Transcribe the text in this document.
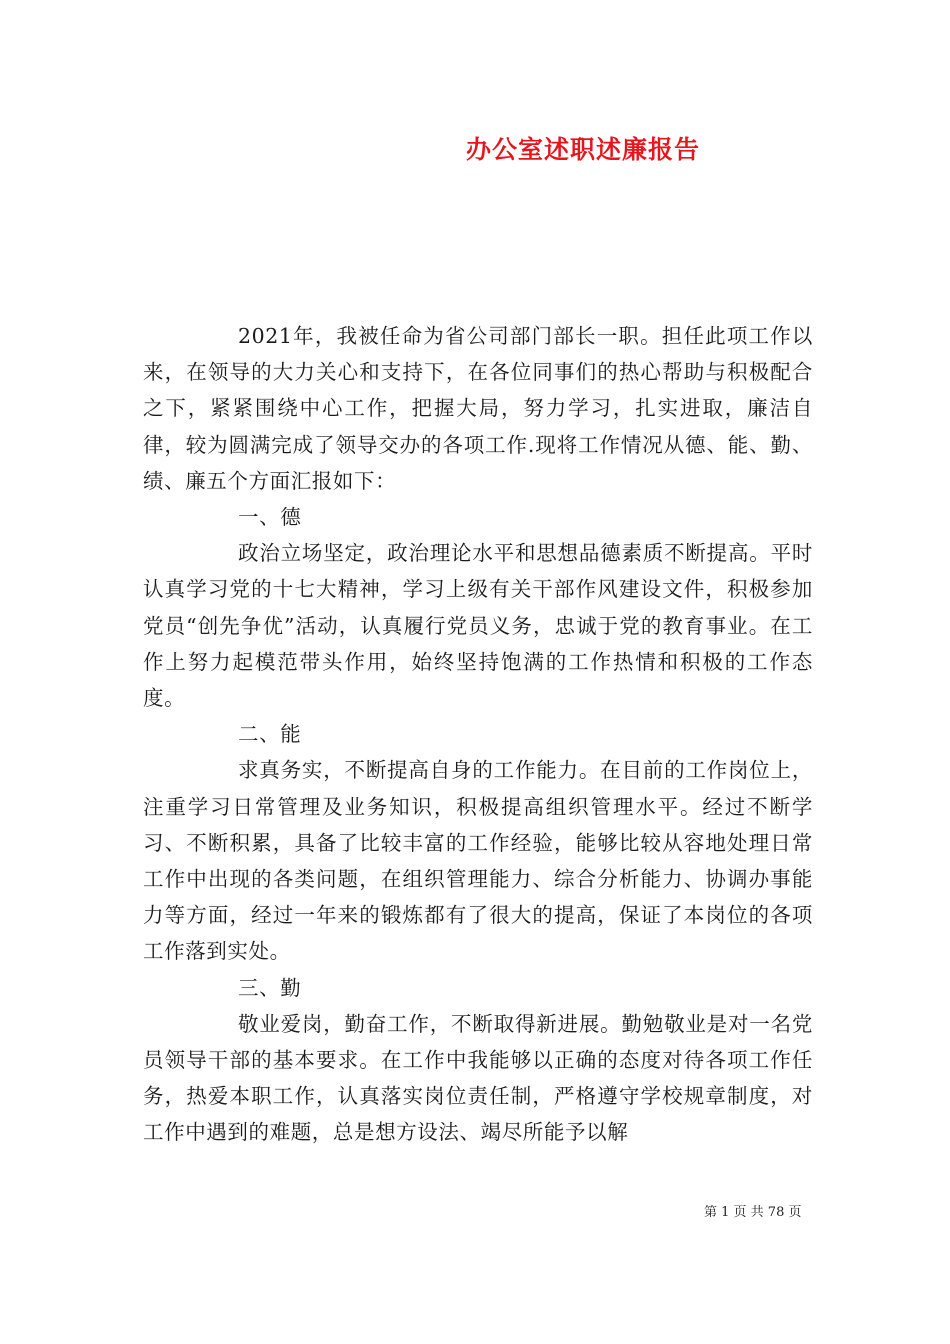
办公室述职述廉报告

2021年，我被任命为省公司部门部长一职。担任此项工作以来，在领导的大力关心和支持下，在各位同事们的热心帮助与积极配合之下，紧紧围绕中心工作，把握大局，努力学习，扎实进取，廉洁自律，较为圆满完成了领导交办的各项工作.现将工作情况从德、能、勤、绩、廉五个方面汇报如下：

一、德

政治立场坚定，政治理论水平和思想品德素质不断提高。平时认真学习党的十七大精神，学习上级有关干部作风建设文件，积极参加党员“创先争优”活动，认真履行党员义务，忠诚于党的教育事业。在工作上努力起模范带头作用，始终坚持饱满的工作热情和积极的工作态度。

二、能

求真务实，不断提高自身的工作能力。在目前的工作岗位上，注重学习日常管理及业务知识，积极提高组织管理水平。经过不断学习、不断积累，具备了比较丰富的工作经验，能够比较从容地处理日常工作中出现的各类问题，在组织管理能力、综合分析能力、协调办事能力等方面，经过一年来的锻炼都有了很大的提高，保证了本岗位的各项工作落到实处。

三、勤

敬业爱岗，勤奋工作，不断取得新进展。勤勉敬业是对一名党员领导干部的基本要求。在工作中我能够以正确的态度对待各项工作任务，热爱本职工作，认真落实岗位责任制，严格遵守学校规章制度，对工作中遇到的难题，总是想方设法、竭尽所能予以解

第 1 页 共 78 页
